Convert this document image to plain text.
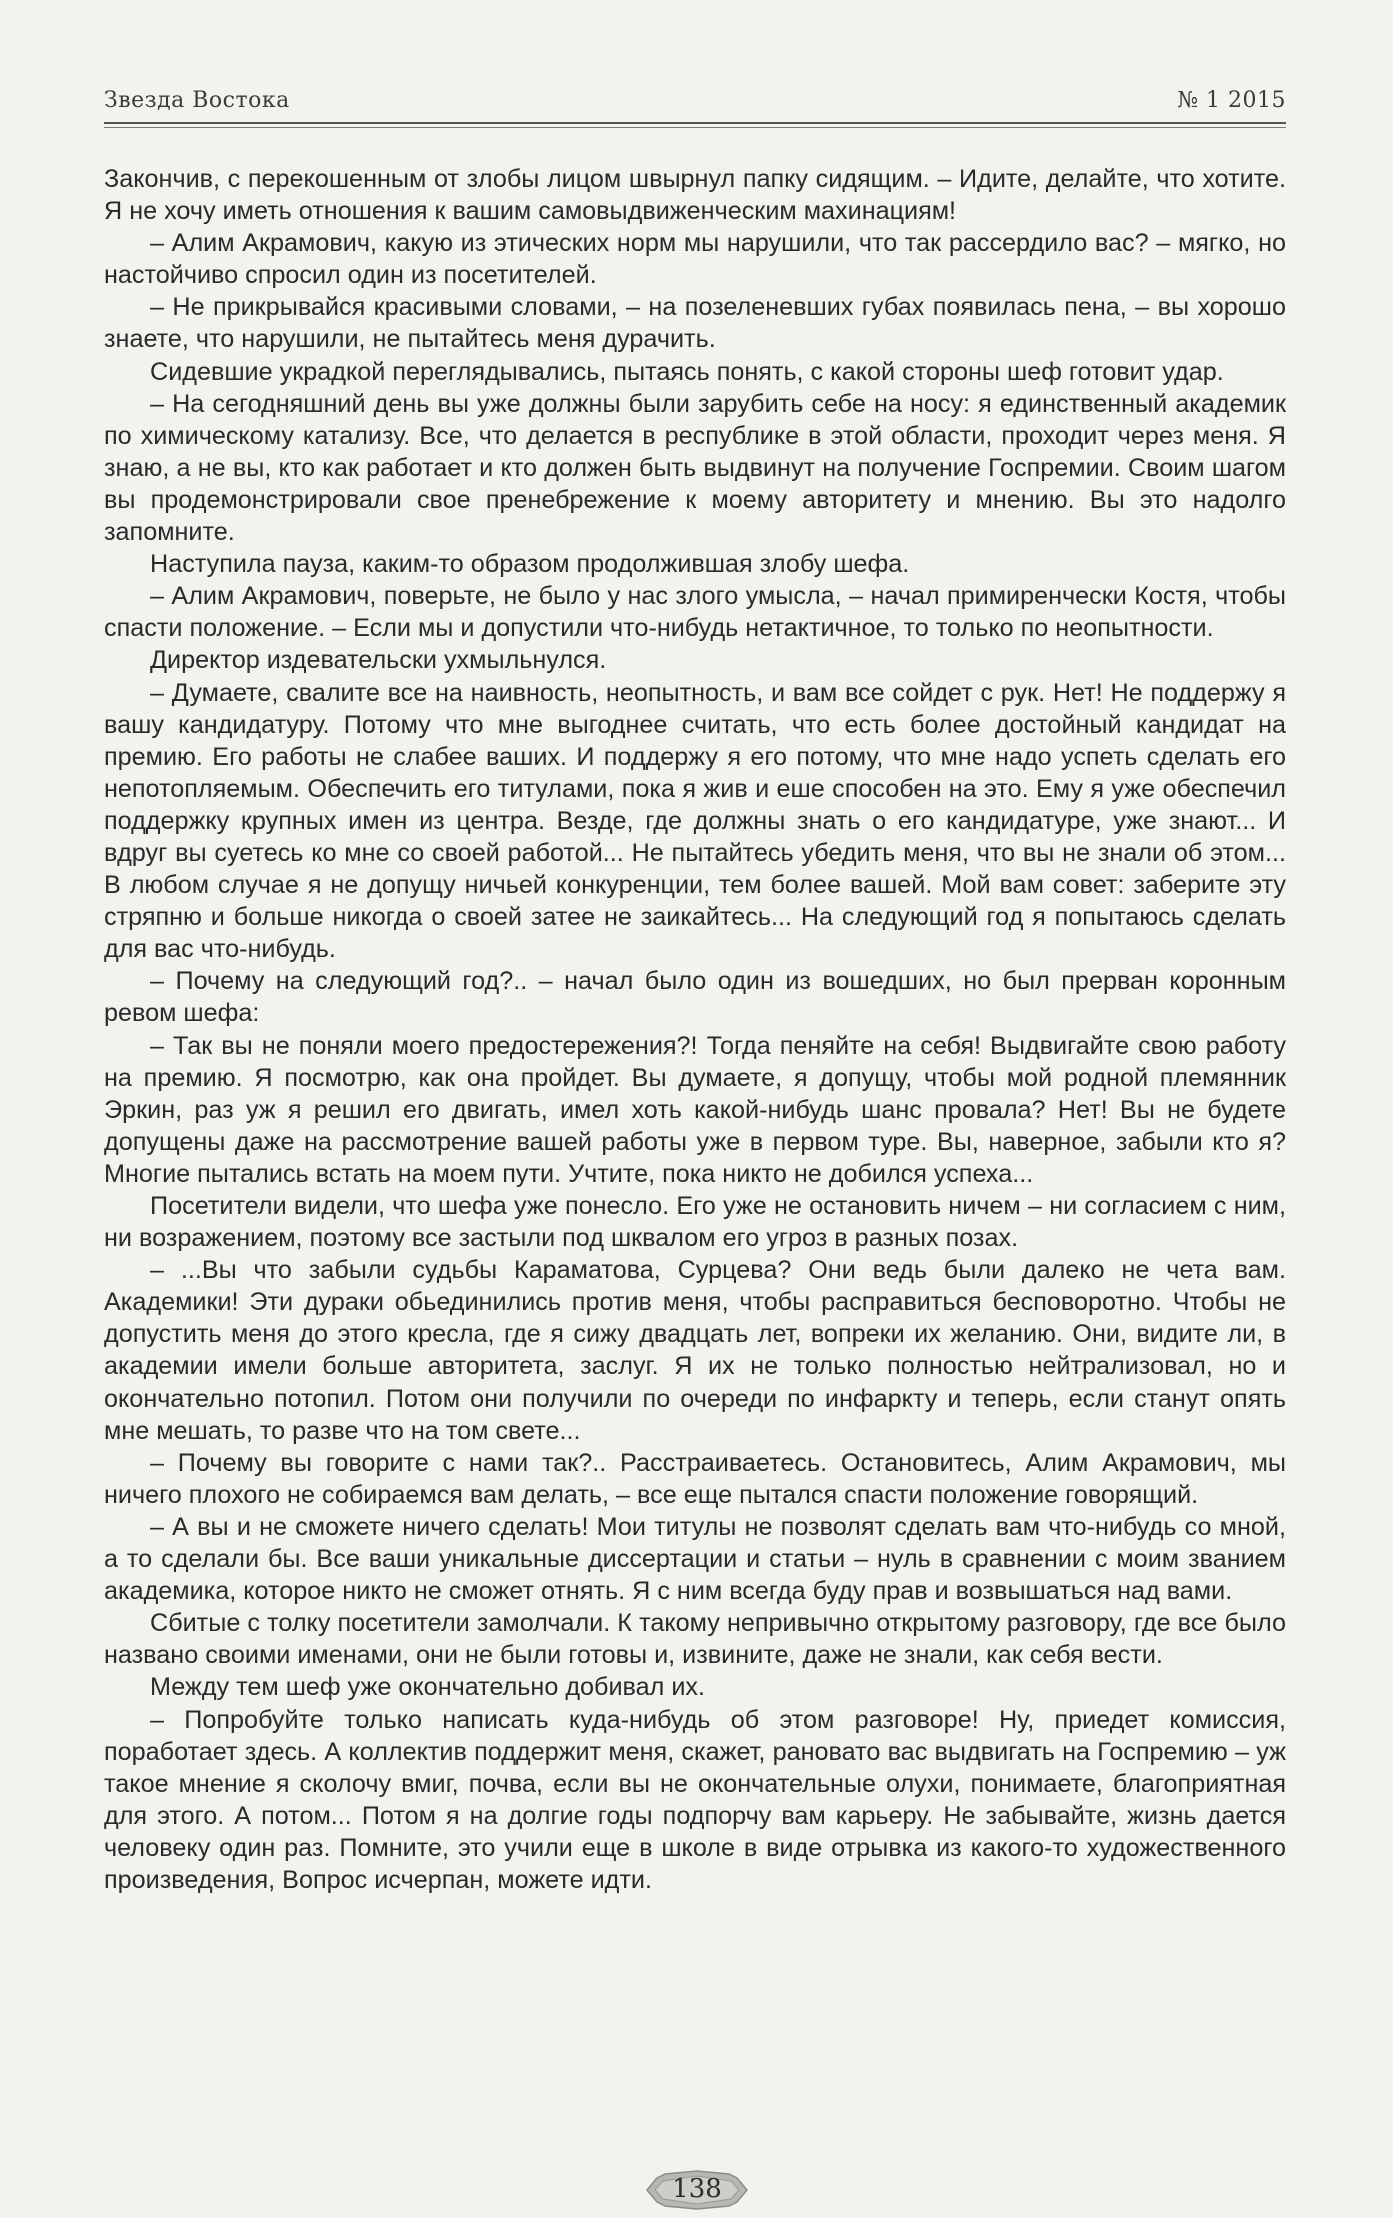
Звезда Востока	№ 1 2015

Закончив, с перекошенным от злобы лицом швырнул папку сидящим. – Идите, делайте, что хотите. Я не хочу иметь отношения к вашим самовыдвиженческим махинациям!

– Алим Акрамович, какую из этических норм мы нарушили, что так рассердило вас? – мягко, но настойчиво спросил один из посетителей.

– Не прикрывайся красивыми словами, – на позеленевших губах появилась пена, – вы хорошо знаете, что нарушили, не пытайтесь меня дурачить.

Сидевшие украдкой переглядывались, пытаясь понять, с какой стороны шеф готовит удар.

– На сегодняшний день вы уже должны были зарубить себе на носу: я единственный академик по химическому катализу. Все, что делается в республике в этой области, проходит через меня. Я знаю, а не вы, кто как работает и кто должен быть выдвинут на получение Госпремии. Своим шагом вы продемонстрировали свое пренебрежение к моему авторитету и мнению. Вы это надолго запомните.

Наступила пауза, каким-то образом продолжившая злобу шефа.

– Алим Акрамович, поверьте, не было у нас злого умысла, – начал примиренчески Костя, чтобы спасти положение. – Если мы и допустили что-нибудь нетактичное, то только по неопытности.

Директор издевательски ухмыльнулся.

– Думаете, свалите все на наивность, неопытность, и вам все сойдет с рук. Нет! Не поддержу я вашу кандидатуру. Потому что мне выгоднее считать, что есть более достойный кандидат на премию. Его работы не слабее ваших. И поддержу я его потому, что мне надо успеть сделать его непотопляемым. Обеспечить его титулами, пока я жив и еше способен на это. Ему я уже обеспечил поддержку крупных имен из центра. Везде, где должны знать о его кандидатуре, уже знают... И вдруг вы суетесь ко мне со своей работой... Не пытайтесь убедить меня, что вы не знали об этом... В любом случае я не допущу ничьей конкуренции, тем более вашей. Мой вам совет: заберите эту стряпню и больше никогда о своей затее не заикайтесь... На следующий год я попытаюсь сделать для вас что-нибудь.

– Почему на следующий год?.. – начал было один из вошедших, но был прерван коронным ревом шефа:

– Так вы не поняли моего предостережения?! Тогда пеняйте на себя! Выдвигайте свою работу на премию. Я посмотрю, как она пройдет. Вы думаете, я допущу, чтобы мой родной племянник Эркин, раз уж я решил его двигать, имел хоть какой-нибудь шанс провала? Нет! Вы не будете допущены даже на рассмотрение вашей работы уже в первом туре. Вы, наверное, забыли кто я? Многие пытались встать на моем пути. Учтите, пока никто не добился успеха...

Посетители видели, что шефа уже понесло. Его уже не остановить ничем – ни согласием с ним, ни возражением, поэтому все застыли под шквалом его угроз в разных позах.

– ...Вы что забыли судьбы Караматова, Сурцева? Они ведь были далеко не чета вам. Академики! Эти дураки обьединились против меня, чтобы расправиться бесповоротно. Чтобы не допустить меня до этого кресла, где я сижу двадцать лет, вопреки их желанию. Они, видите ли, в академии имели больше авторитета, заслуг. Я их не только полностью нейтрализовал, но и окончательно потопил. Потом они получили по очереди по инфаркту и теперь, если станут опять мне мешать, то разве что на том свете...

– Почему вы говорите с нами так?.. Расстраиваетесь. Остановитесь, Алим Акрамович, мы ничего плохого не собираемся вам делать, – все еще пытался спасти положение говорящий.

– А вы и не сможете ничего сделать! Мои титулы не позволят сделать вам что-нибудь со мной, а то сделали бы. Все ваши уникальные диссертации и статьи – нуль в сравнении с моим званием академика, которое никто не сможет отнять. Я с ним всегда буду прав и возвышаться над вами.

Сбитые с толку посетители замолчали. К такому непривычно открытому разговору, где все было названо своими именами, они не были готовы и, извините, даже не знали, как себя вести.

Между тем шеф уже окончательно добивал их.

– Попробуйте только написать куда-нибудь об этом разговоре! Ну, приедет комиссия, поработает здесь. А коллектив поддержит меня, скажет, рановато вас выдвигать на Госпремию – уж такое мнение я сколочу вмиг, почва, если вы не окончательные олухи, понимаете, благоприятная для этого. А потом... Потом я на долгие годы подпорчу вам карьеру. Не забывайте, жизнь дается человеку один раз. Помните, это учили еще в школе в виде отрывка из какого-то художественного произведения, Вопрос исчерпан, можете идти.

138
